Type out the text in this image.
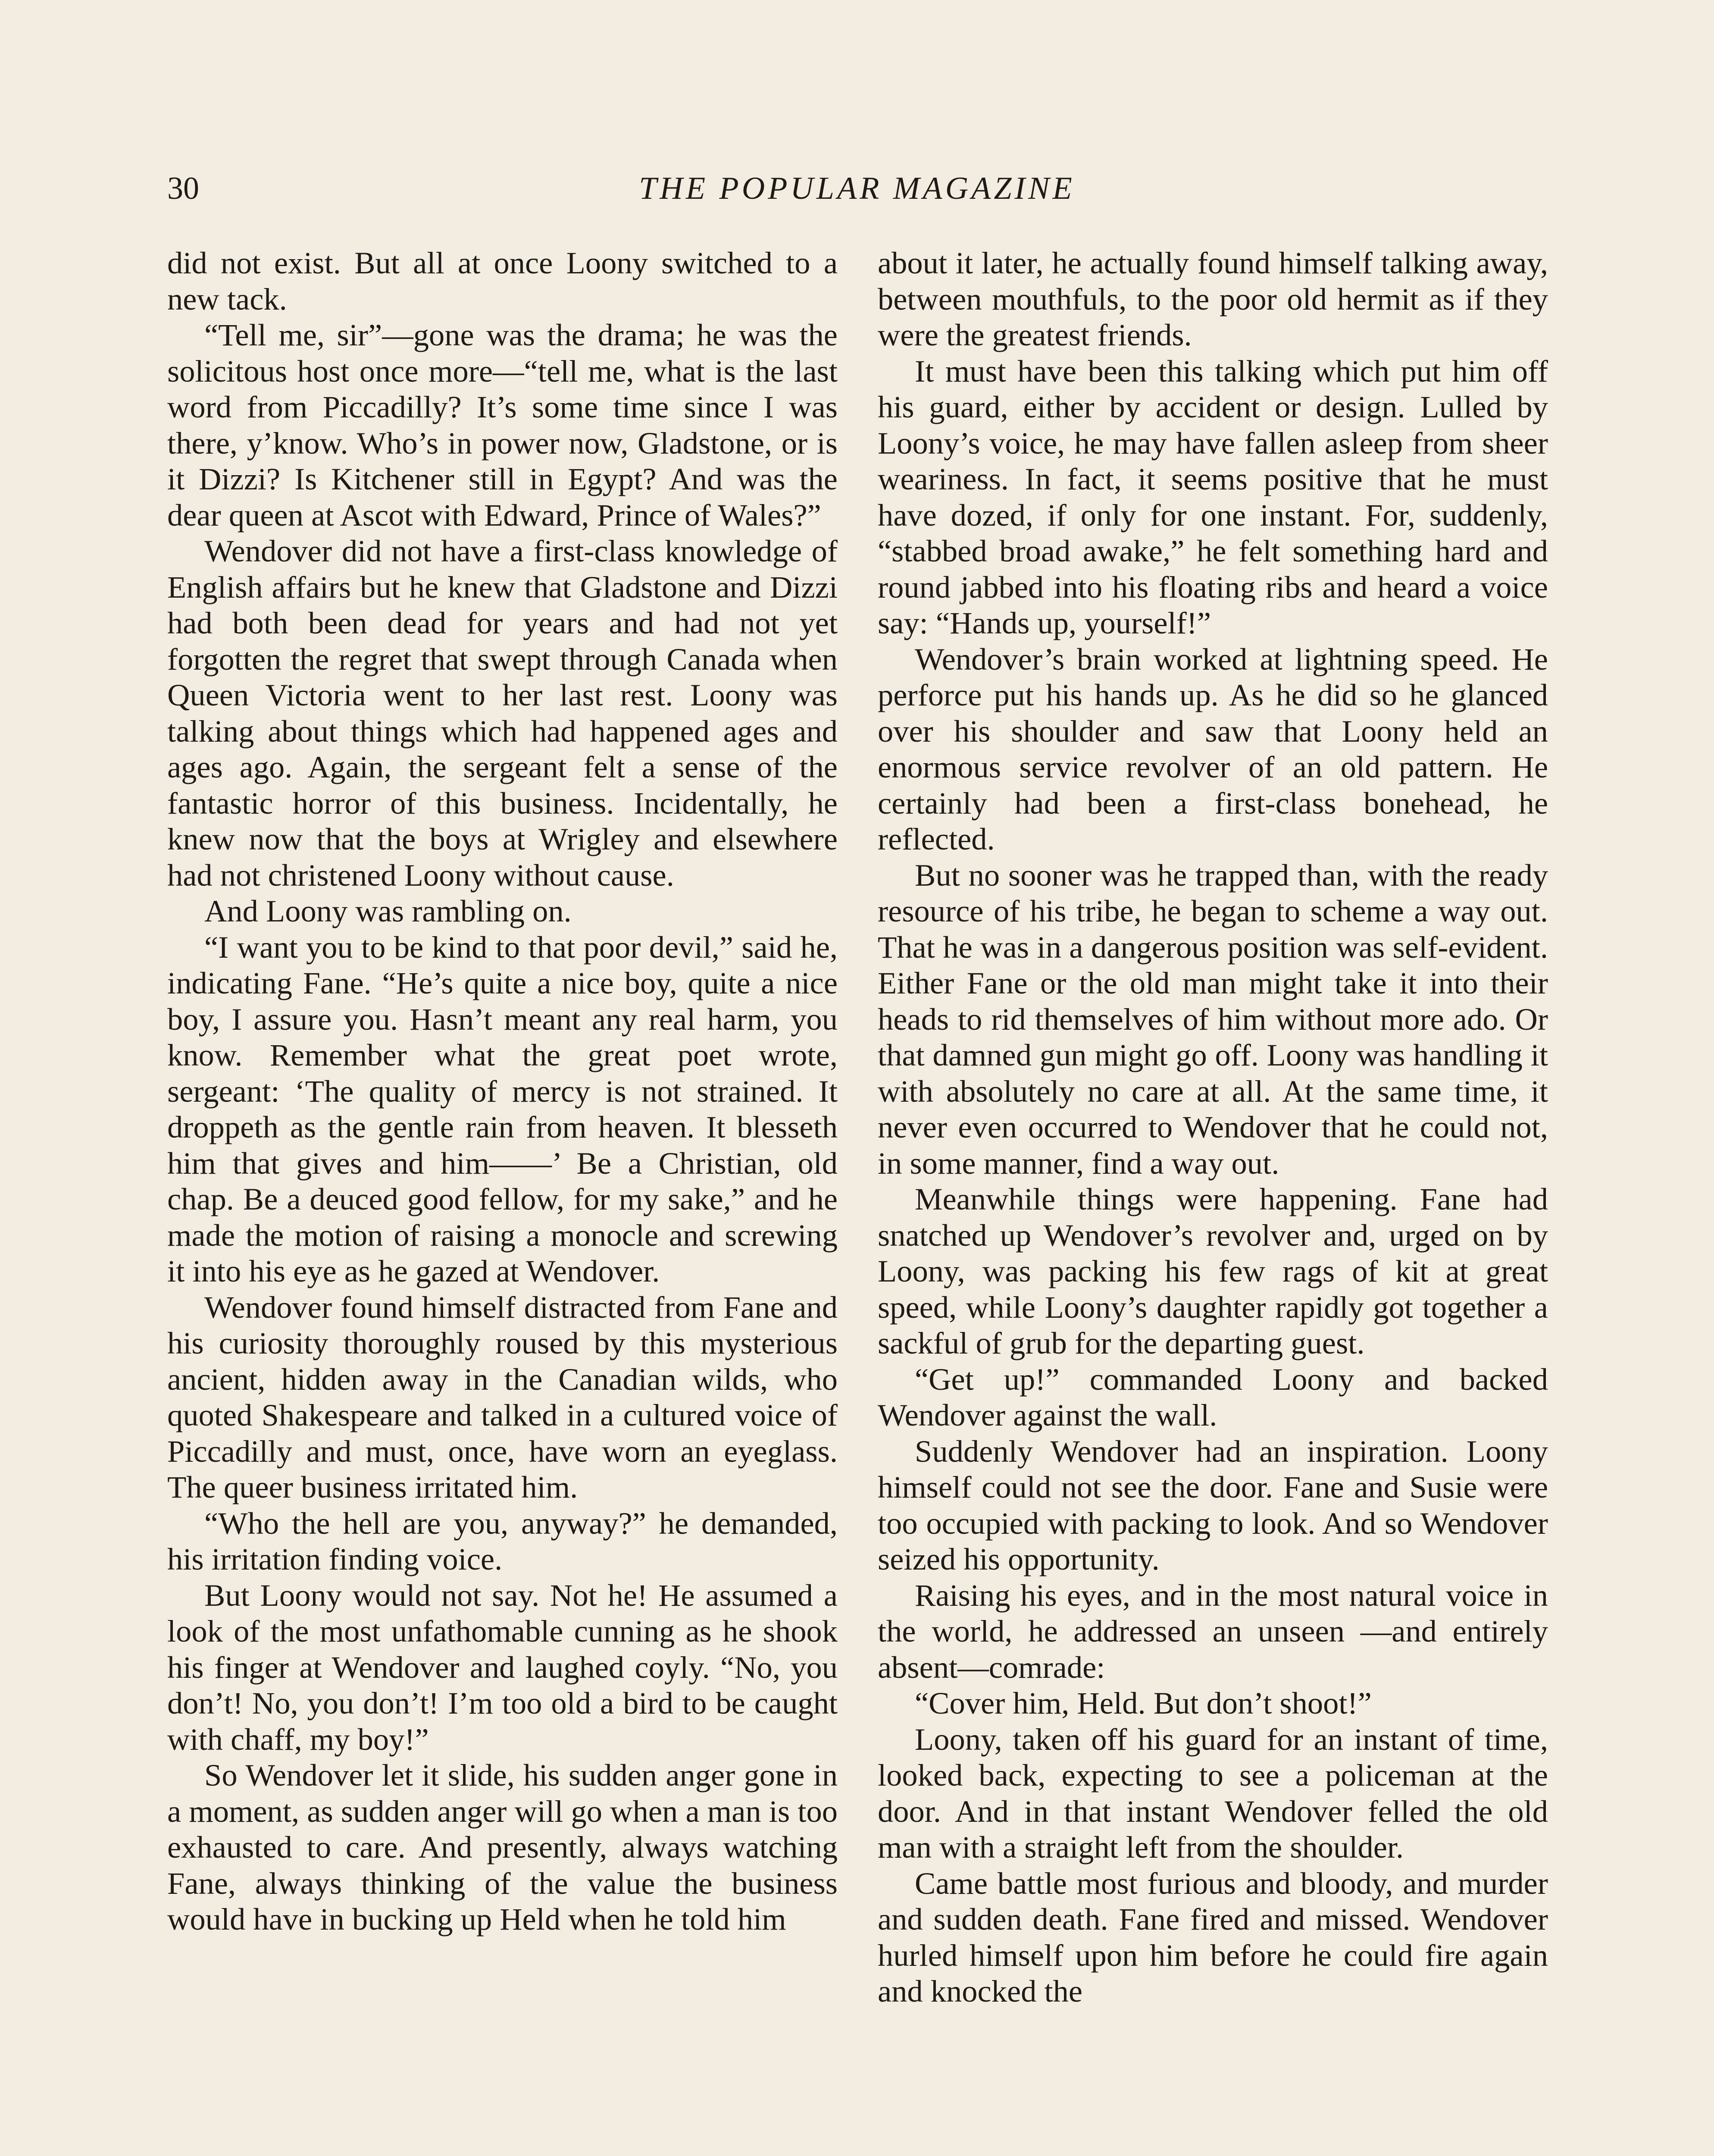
30	THE POPULAR MAGAZINE

did not exist. But all at once Loony switched to a new tack.

“Tell me, sir”—gone was the drama; he was the solicitous host once more—“tell me, what is the last word from Piccadilly? It’s some time since I was there, y’know. Who’s in power now, Gladstone, or is it Dizzi? Is Kitchener still in Egypt? And was the dear queen at Ascot with Edward, Prince of Wales?”

Wendover did not have a first-class knowledge of English affairs but he knew that Gladstone and Dizzi had both been dead for years and had not yet forgotten the regret that swept through Canada when Queen Victoria went to her last rest. Loony was talking about things which had happened ages and ages ago. Again, the sergeant felt a sense of the fantastic horror of this business. Incidentally, he knew now that the boys at Wrigley and elsewhere had not christened Loony without cause.

And Loony was rambling on.

“I want you to be kind to that poor devil,” said he, indicating Fane. “He’s quite a nice boy, quite a nice boy, I assure you. Hasn’t meant any real harm, you know. Remember what the great poet wrote, sergeant: ‘The quality of mercy is not strained. It droppeth as the gentle rain from heaven. It blesseth him that gives and him——’ Be a Christian, old chap. Be a deuced good fellow, for my sake,” and he made the motion of raising a monocle and screwing it into his eye as he gazed at Wendover.

Wendover found himself distracted from Fane and his curiosity thoroughly roused by this mysterious ancient, hidden away in the Canadian wilds, who quoted Shakespeare and talked in a cultured voice of Piccadilly and must, once, have worn an eyeglass. The queer business irritated him.

“Who the hell are you, anyway?” he demanded, his irritation finding voice.

But Loony would not say. Not he! He assumed a look of the most unfathomable cunning as he shook his finger at Wendover and laughed coyly. “No, you don’t! No, you don’t! I’m too old a bird to be caught with chaff, my boy!”

So Wendover let it slide, his sudden anger gone in a moment, as sudden anger will go when a man is too exhausted to care. And presently, always watching Fane, always thinking of the value the business would have in bucking up Held when he told him

about it later, he actually found himself talking away, between mouthfuls, to the poor old hermit as if they were the greatest friends.

It must have been this talking which put him off his guard, either by accident or design. Lulled by Loony’s voice, he may have fallen asleep from sheer weariness. In fact, it seems positive that he must have dozed, if only for one instant. For, suddenly, “stabbed broad awake,” he felt something hard and round jabbed into his floating ribs and heard a voice say: “Hands up, yourself!”

Wendover’s brain worked at lightning speed. He perforce put his hands up. As he did so he glanced over his shoulder and saw that Loony held an enormous service revolver of an old pattern. He certainly had been a first-class bonehead, he reflected.

But no sooner was he trapped than, with the ready resource of his tribe, he began to scheme a way out. That he was in a dangerous position was self-evident. Either Fane or the old man might take it into their heads to rid themselves of him without more ado. Or that damned gun might go off. Loony was handling it with absolutely no care at all. At the same time, it never even occurred to Wendover that he could not, in some manner, find a way out.

Meanwhile things were happening. Fane had snatched up Wendover’s revolver and, urged on by Loony, was packing his few rags of kit at great speed, while Loony’s daughter rapidly got together a sackful of grub for the departing guest.

“Get up!” commanded Loony and backed Wendover against the wall.

Suddenly Wendover had an inspiration. Loony himself could not see the door. Fane and Susie were too occupied with packing to look. And so Wendover seized his opportunity.

Raising his eyes, and in the most natural voice in the world, he addressed an unseen —and entirely absent—comrade:

“Cover him, Held. But don’t shoot!”

Loony, taken off his guard for an instant of time, looked back, expecting to see a policeman at the door. And in that instant Wendover felled the old man with a straight left from the shoulder.

Came battle most furious and bloody, and murder and sudden death. Fane fired and missed. Wendover hurled himself upon him before he could fire again and knocked the
